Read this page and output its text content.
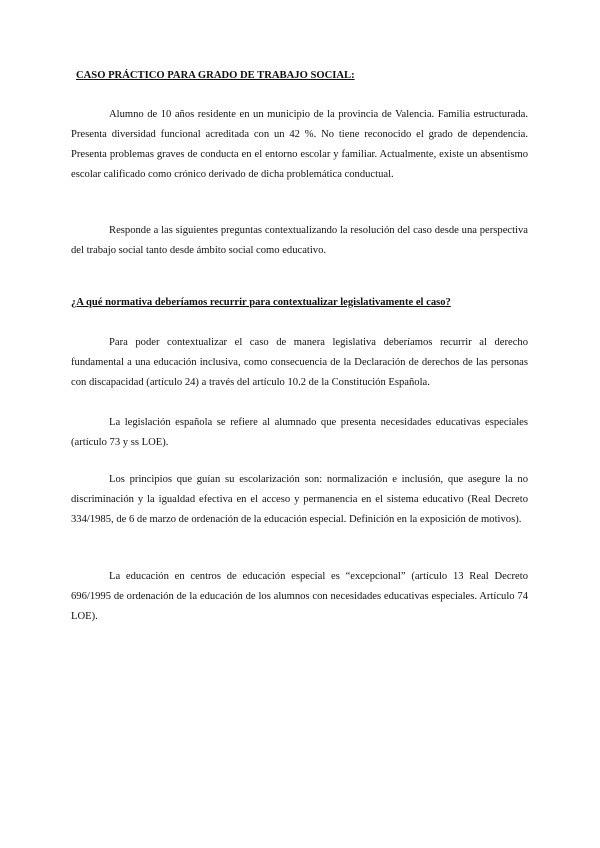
CASO PRÁCTICO PARA GRADO DE TRABAJO SOCIAL:

Alumno de 10 años residente en un municipio de la provincia de Valencia. Familia estructurada. Presenta diversidad funcional acreditada con un 42 %. No tiene reconocido el grado de dependencia. Presenta problemas graves de conducta en el entorno escolar y familiar. Actualmente, existe un absentismo escolar calificado como crónico derivado de dicha problemática conductual.

Responde a las siguientes preguntas contextualizando la resolución del caso desde una perspectiva del trabajo social tanto desde ámbito social como educativo.

¿A qué normativa deberíamos recurrir para contextualizar legislativamente el caso?

Para poder contextualizar el caso de manera legislativa deberíamos recurrir al derecho fundamental a una educación inclusiva, como consecuencia de la Declaración de derechos de las personas con discapacidad (artículo 24) a través del artículo 10.2 de la Constitución Española.

La legislación española se refiere al alumnado que presenta necesidades educativas especiales (artículo 73 y ss LOE).

Los principios que guían su escolarización son: normalización e inclusión, que asegure la no discriminación y la igualdad efectiva en el acceso y permanencia en el sistema educativo (Real Decreto 334/1985, de 6 de marzo de ordenación de la educación especial. Definición en la exposición de motivos).

La educación en centros de educación especial es “excepcional” (artículo 13 Real Decreto 696/1995 de ordenación de la educación de los alumnos con necesidades educativas especiales. Artículo 74 LOE).
